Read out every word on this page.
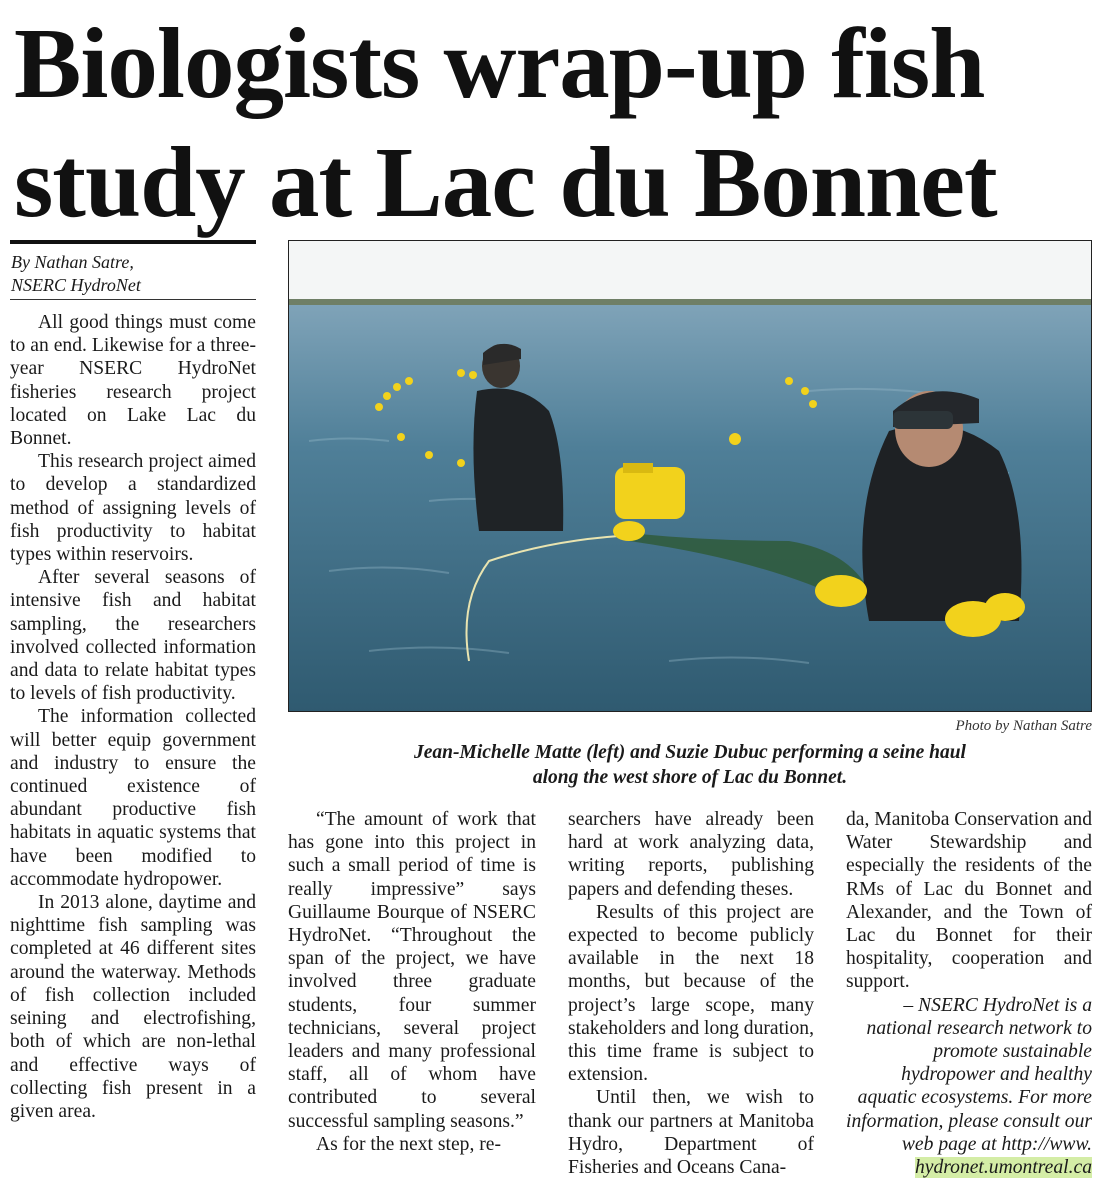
Biologists wrap-up fish
study at Lac du Bonnet
By Nathan Satre,
NSERC HydroNet

All good things must come to an end. Likewise for a three-year NSERC HydroNet fisheries research project located on Lake Lac du Bonnet.

This research project aimed to develop a standardized method of assigning levels of fish productivity to habitat types within reservoirs.

After several seasons of intensive fish and habitat sampling, the researchers involved collected information and data to relate habitat types to levels of fish productivity.

The information collected will better equip government and industry to ensure the continued existence of abundant productive fish habitats in aquatic systems that have been modified to accommodate hydropower.

In 2013 alone, daytime and nighttime fish sampling was completed at 46 different sites around the waterway. Methods of fish collection included seining and electrofishing, both of which are non-lethal and effective ways of collecting fish present in a given area.

Photo by Nathan Satre
Jean-Michelle Matte (left) and Suzie Dubuc performing a seine haul
along the west shore of Lac du Bonnet.

“The amount of work that has gone into this project in such a small period of time is really impressive” says Guillaume Bourque of NSERC HydroNet. “Throughout the span of the project, we have involved three graduate students, four summer technicians, several project leaders and many professional staff, all of whom have contributed to several successful sampling seasons.”

As for the next step, re-

searchers have already been hard at work analyzing data, writing reports, publishing papers and defending theses.

Results of this project are expected to become publicly available in the next 18 months, but because of the project’s large scope, many stakeholders and long duration, this time frame is subject to extension.

Until then, we wish to thank our partners at Manitoba Hydro, Department of Fisheries and Oceans Cana-

da, Manitoba Conservation and Water Stewardship and especially the residents of the RMs of Lac du Bonnet and Alexander, and the Town of Lac du Bonnet for their hospitality, cooperation and support.

– NSERC HydroNet is a national research network to promote sustainable hydropower and healthy aquatic ecosystems. For more information, please consult our web page at http://www. hydronet.umontreal.ca
